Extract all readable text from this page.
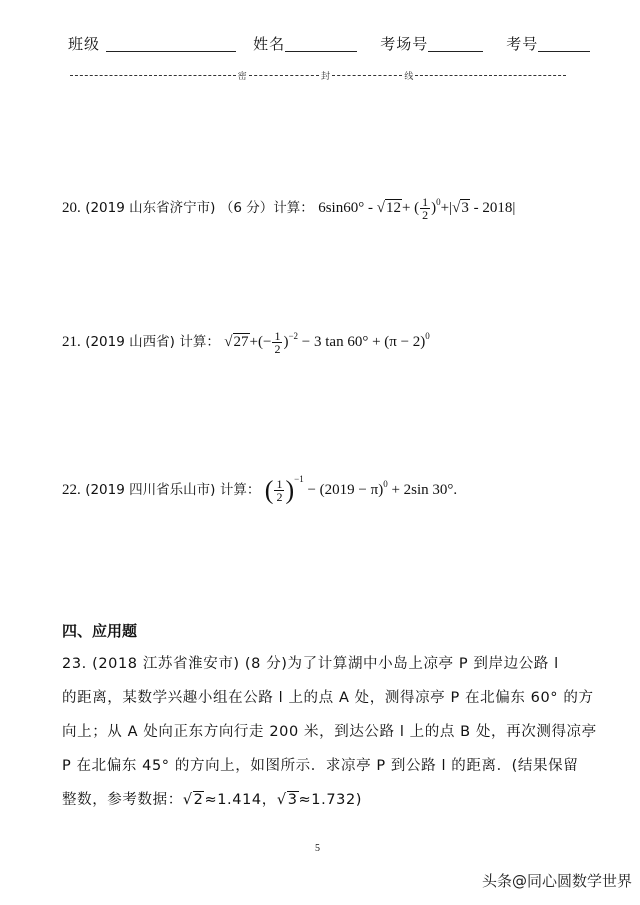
班级	姓名	考场号	考号
密	封	线
20. (2019 山东省济宁市) （6 分）计算： 6sin60° - √12+ ( $\frac{1}{2} )^0+|√3 - 2018|$
21. (2019 山西省) 计算： $√27+(- \frac{1}{2} )^{-2} - 3$ $\tan 60^\circ + (\pi - 2)^0$
22. (2019 四川省乐山市) 计算： ( $\frac{1}{2} )^{-1} - (2019 - \pi)^0 + 2\sin$ 30°.
四、应用题
23. (2018 江苏省淮安市) (8 分)为了计算湖中小岛上凉亭 P 到岸边公路 l
的距离，某数学兴趣小组在公路 l 上的点 A 处，测得凉亭 P 在北偏东 60° 的方
向上；从 A 处向正东方向行走 200 米，到达公路 l 上的点 B 处，再次测得凉亭
P 在北偏东 45° 的方向上，如图所示．求凉亭 P 到公路 l 的距离．(结果保留
整数，参考数据：√2≈1.414，√3≈1.732)
5
头条 @同心圆数学世界
